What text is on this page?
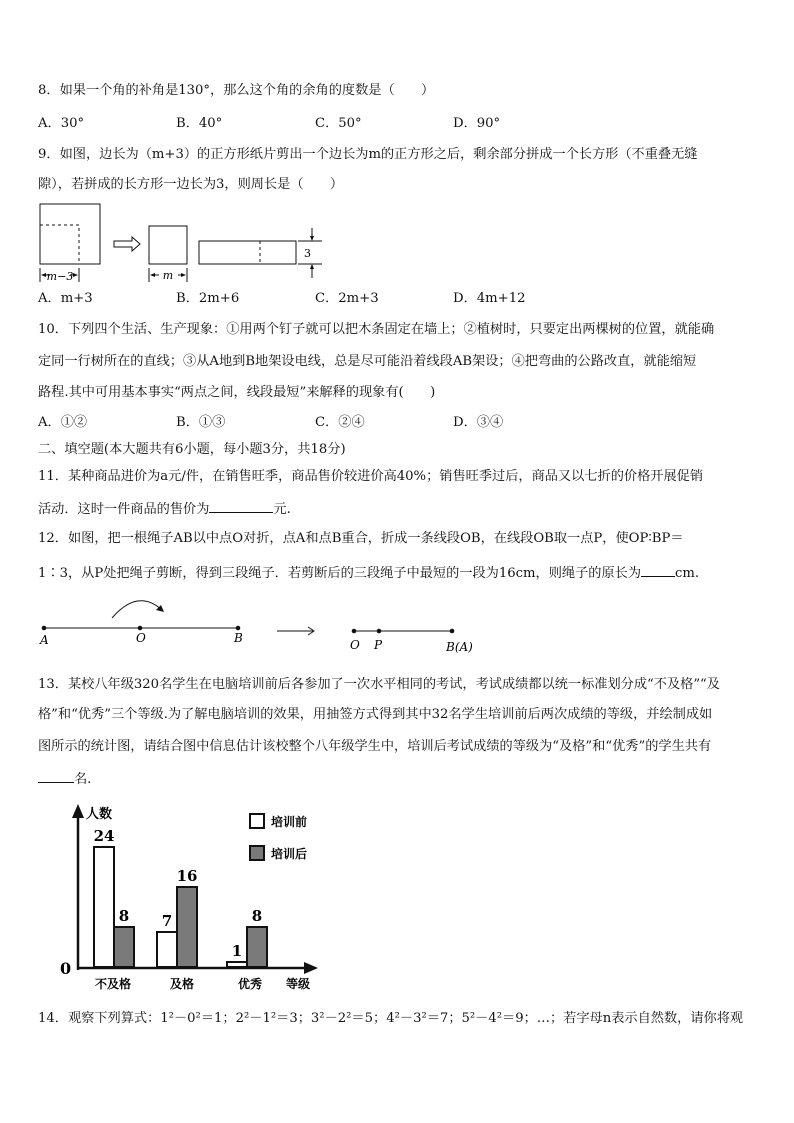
8．如果一个角的补角是130°，那么这个角的余角的度数是（　　）
A．30°	B．40°	C．50°	D．90°
9．如图，边长为（m+3）的正方形纸片剪出一个边长为m的正方形之后，剩余部分拼成一个长方形（不重叠无缝
隙），若拼成的长方形一边长为3，则周长是（　　）
m−3	m
3
A．m+3	B．2m+6	C．2m+3	D．4m+12
10．下列四个生活、生产现象：①用两个钉子就可以把木条固定在墙上；②植树时，只要定出两棵树的位置，就能确
定同一行树所在的直线；③从A地到B地架设电线，总是尽可能沿着线段AB架设；④把弯曲的公路改直，就能缩短
路程.其中可用基本事实“两点之间，线段最短”来解释的现象有(　　)
A．①②	B．①③	C．②④	D．③④
二、填空题(本大题共有6小题，每小题3分，共18分)
11．某种商品进价为a元/件，在销售旺季，商品售价较进价高40%；销售旺季过后，商品又以七折的价格开展促销
活动．这时一件商品的售价为	元.
12．如图，把一根绳子AB以中点O对折，点A和点B重合，折成一条线段OB，在线段OB取一点P，使OP∶BP＝
1∶3，从P处把绳子剪断，得到三段绳子．若剪断后的三段绳子中最短的一段为16cm，则绳子的原长为	cm.
A	O	B	O P	B(A)
13．某校八年级320名学生在电脑培训前后各参加了一次水平相同的考试，考试成绩都以统一标准划分成“不及格”“及
格”和“优秀”三个等级.为了解电脑培训的效果，用抽签方式得到其中32名学生培训前后两次成绩的等级，并绘制成如
图所示的统计图，请结合图中信息估计该校整个八年级学生中，培训后考试成绩的等级为“及格”和“优秀”的学生共有
名.
人数
0
等级
不及格	及格	优秀
培训前
培训后
24
8 7
16
1
8
14．观察下列算式：1²－0²＝1；2²－1²＝3；3²－2²＝5；4²－3²＝7；5²－4²＝9；…；若字母n表示自然数，请你将观
